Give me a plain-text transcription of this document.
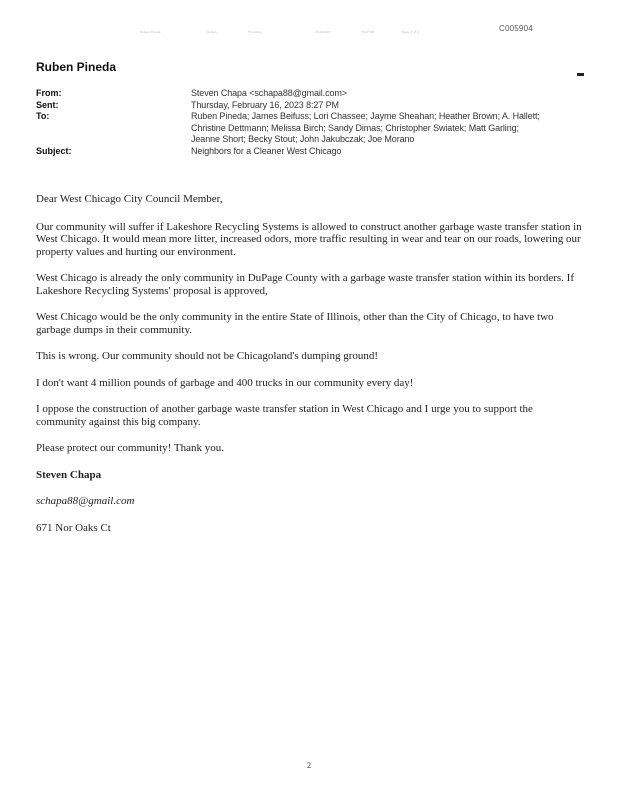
Ruben Pineda	Ruben	Thursday	2/16/2023	8:27 PM	Page 2 of 2	C005904
Ruben Pineda
From:	Steven Chapa <schapa88@gmail.com>
Sent:	Thursday, February 16, 2023 8:27 PM
To:	Ruben Pineda; James Beifuss; Lori Chassee; Jayme Sheahan; Heather Brown; A. Hallett;
Christine Dettmann; Melissa Birch; Sandy Dimas; Christopher Swiatek; Matt Garling;
Jeanne Short; Becky Stout; John Jakubczak; Joe Morano
Subject:	Neighbors for a Cleaner West Chicago

Dear West Chicago City Council Member,

Our community will suffer if Lakeshore Recycling Systems is allowed to construct another garbage waste transfer station in West Chicago. It would mean more litter, increased odors, more traffic resulting in wear and tear on our roads, lowering our property values and hurting our environment.

West Chicago is already the only community in DuPage County with a garbage waste transfer station within its borders. If Lakeshore Recycling Systems' proposal is approved,

West Chicago would be the only community in the entire State of Illinois, other than the City of Chicago, to have two garbage dumps in their community.

This is wrong. Our community should not be Chicagoland's dumping ground!

I don't want 4 million pounds of garbage and 400 trucks in our community every day!

I oppose the construction of another garbage waste transfer station in West Chicago and I urge you to support the community against this big company.

Please protect our community! Thank you.

Steven Chapa

schapa88@gmail.com

671 Nor Oaks Ct

2
